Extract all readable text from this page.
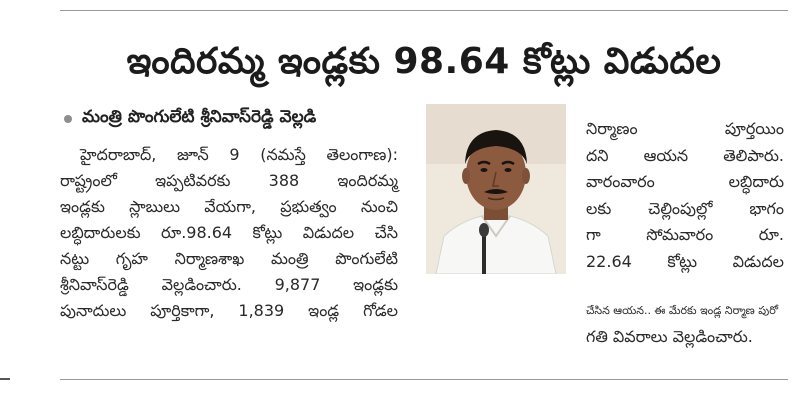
ఇందిరమ్మ ఇండ్లకు 98.64 కోట్లు విడుదల
మంత్రి పొంగులేటి శ్రీనివాస్‌రెడ్డి వెల్లడి
హైదరాబాద్, జూన్ 9 (నమస్తే తెలంగాణ):
రాష్ట్రంలో ఇప్పటివరకు 388 ఇందిరమ్మ
ఇండ్లకు స్లాబులు వేయగా, ప్రభుత్వం నుంచి
లబ్ధిదారులకు రూ.98.64 కోట్లు విడుదల చేసి
నట్టు గృహ నిర్మాణశాఖ మంత్రి పొంగులేటి
శ్రీనివాస్‌రెడ్డి వెల్లడించారు. 9,877 ఇండ్లకు
పునాదులు పూర్తికాగా, 1,839 ఇండ్ల గోడల
నిర్మాణం పూర్తయిం
దని ఆయన తెలిపారు.
వారంవారం లబ్ధిదారు
లకు చెల్లింపుల్లో భాగం
గా సోమవారం రూ.
22.64 కోట్లు విడుదల
చేసిన ఆయన.. ఈ మేరకు ఇండ్ల నిర్మాణ పురో
గతి వివరాలు వెల్లడించారు.
